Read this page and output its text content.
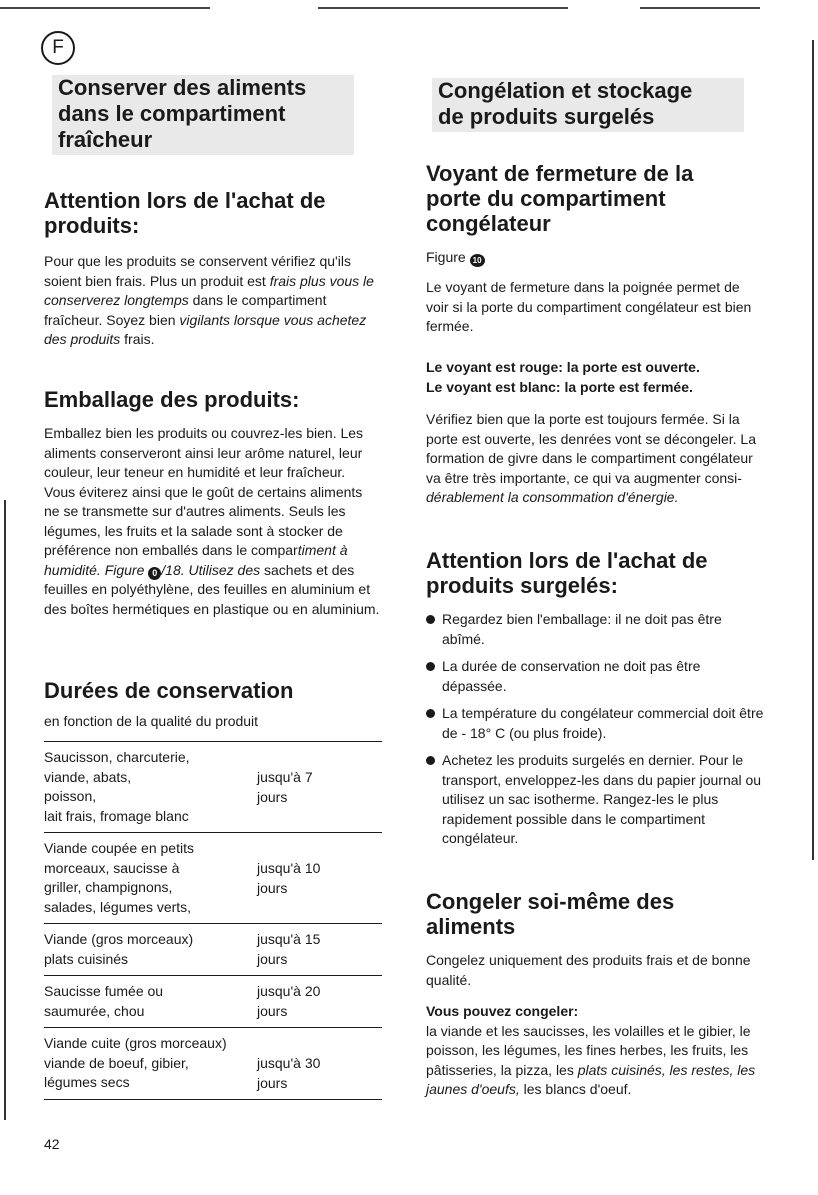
F
Conserver des aliments
dans le compartiment
fraîcheur
Attention lors de l'achat de
produits:

Pour que les produits se conservent vérifiez qu'ils soient bien frais. Plus un produit est frais plus vous le conserverez longtemps dans le compartiment fraîcheur. Soyez bien vigilants lorsque vous achetez des produits frais.

Emballage des produits:

Emballez bien les produits ou couvrez-les bien. Les aliments conserveront ainsi leur arôme naturel, leur couleur, leur teneur en humidité et leur fraîcheur. Vous éviterez ainsi que le goût de certains aliments ne se transmette sur d'autres aliments. Seuls les légumes, les fruits et la salade sont à stocker de préférence non emballés dans le compartiment à humidité. Figure 0 /18. Utilisez des sachets et des feuilles en polyéthylène, des feuilles en aluminium et des boîtes hermétiques en plastique ou en aluminium.

Durées de conservation

en fonction de la qualité du produit

Saucisson, charcuterie,
viande, abats,
poisson,
lait frais, fromage blanc
jusqu'à 7
jours
Viande coupée en petits
morceaux, saucisse à
griller, champignons,
salades, légumes verts,
jusqu'à 10
jours
Viande (gros morceaux)
plats cuisinés
jusqu'à 15
jours
Saucisse fumée ou
saumurée, chou
jusqu'à 20
jours
Viande cuite (gros morceaux)
viande de boeuf, gibier,
légumes secs
jusqu'à 30
jours
42
Congélation et stockage
de produits surgelés
Voyant de fermeture de la
porte du compartiment
congélateur

Figure 10

Le voyant de fermeture dans la poignée permet de voir si la porte du compartiment congélateur est bien fermée.

Le voyant est rouge: la porte est ouverte.
Le voyant est blanc: la porte est fermée.

Vérifiez bien que la porte est toujours fermée. Si la porte est ouverte, les denrées vont se décongeler. La formation de givre dans le compartiment congélateur va être très importante, ce qui va augmenter consi- dérablement la consommation d'énergie.

Attention lors de l'achat de
produits surgelés:
Regardez bien l'emballage: il ne doit pas être abîmé.
La durée de conservation ne doit pas être dépassée.
La température du congélateur commercial doit être de - 18° C (ou plus froide).
Achetez les produits surgelés en dernier. Pour le transport, enveloppez-les dans du papier journal ou utilisez un sac isotherme. Rangez-les le plus rapidement possible dans le compartiment congélateur.
Congeler soi-même des
aliments

Congelez uniquement des produits frais et de bonne qualité.

Vous pouvez congeler:
la viande et les saucisses, les volailles et le gibier, le poisson, les légumes, les fines herbes, les fruits, les pâtisseries, la pizza, les plats cuisinés, les restes, les jaunes d'oeufs, les blancs d'oeuf.
